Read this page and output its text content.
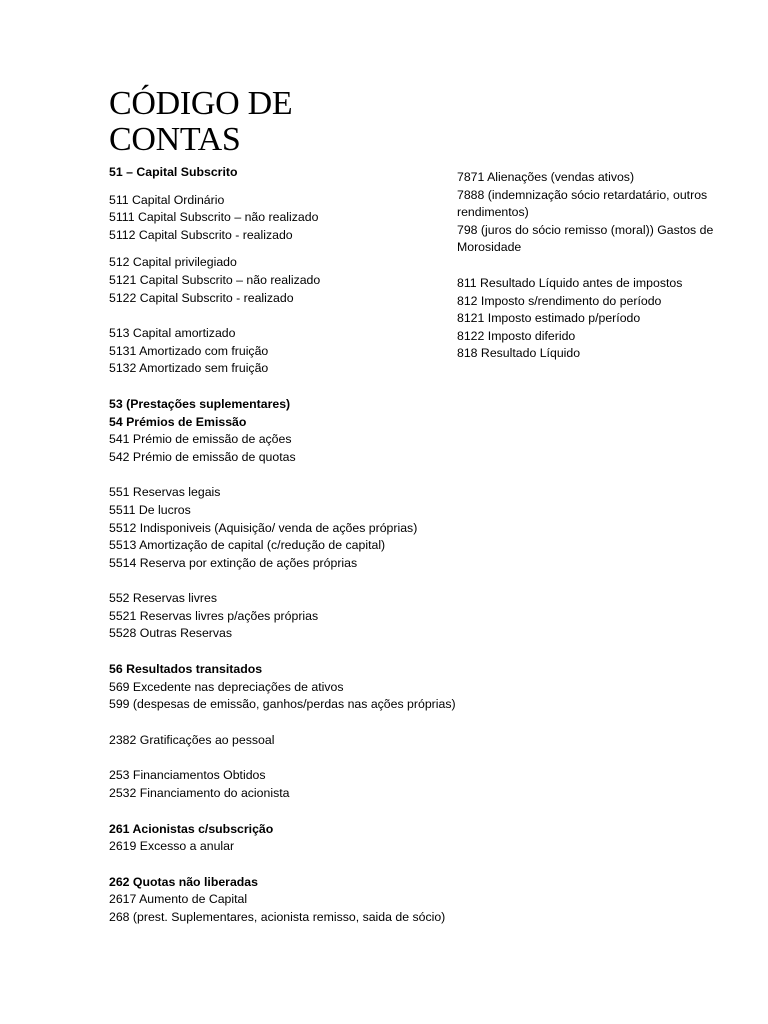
CÓDIGO DE
CONTAS
51 – Capital Subscrito
511 Capital Ordinário
5111 Capital Subscrito – não realizado
5112 Capital Subscrito - realizado
512 Capital privilegiado
5121 Capital Subscrito – não realizado
5122 Capital Subscrito - realizado
513 Capital amortizado
5131 Amortizado com fruição
5132 Amortizado sem fruição
53 (Prestações suplementares)
54 Prémios de Emissão
541 Prémio de emissão de ações
542 Prémio de emissão de quotas
551 Reservas legais
5511 De lucros
5512 Indisponiveis (Aquisição/ venda de ações próprias)
5513 Amortização de capital (c/redução de capital)
5514 Reserva por extinção de ações próprias
552 Reservas livres
5521 Reservas livres p/ações próprias
5528 Outras Reservas
56 Resultados transitados
569 Excedente nas depreciações de ativos
599 (despesas de emissão, ganhos/perdas nas ações próprias)
2382 Gratificações ao pessoal
253 Financiamentos Obtidos
2532 Financiamento do acionista
261 Acionistas c/subscrição
2619 Excesso a anular
262 Quotas não liberadas
2617 Aumento de Capital
268 (prest. Suplementares, acionista remisso, saida de sócio)
7871 Alienações (vendas ativos)
7888 (indemnização sócio retardatário, outros rendimentos)
798 (juros do sócio remisso (moral)) Gastos de Morosidade
811 Resultado Líquido antes de impostos
812 Imposto s/rendimento do período
8121 Imposto estimado p/período
8122 Imposto diferido
818 Resultado Líquido
